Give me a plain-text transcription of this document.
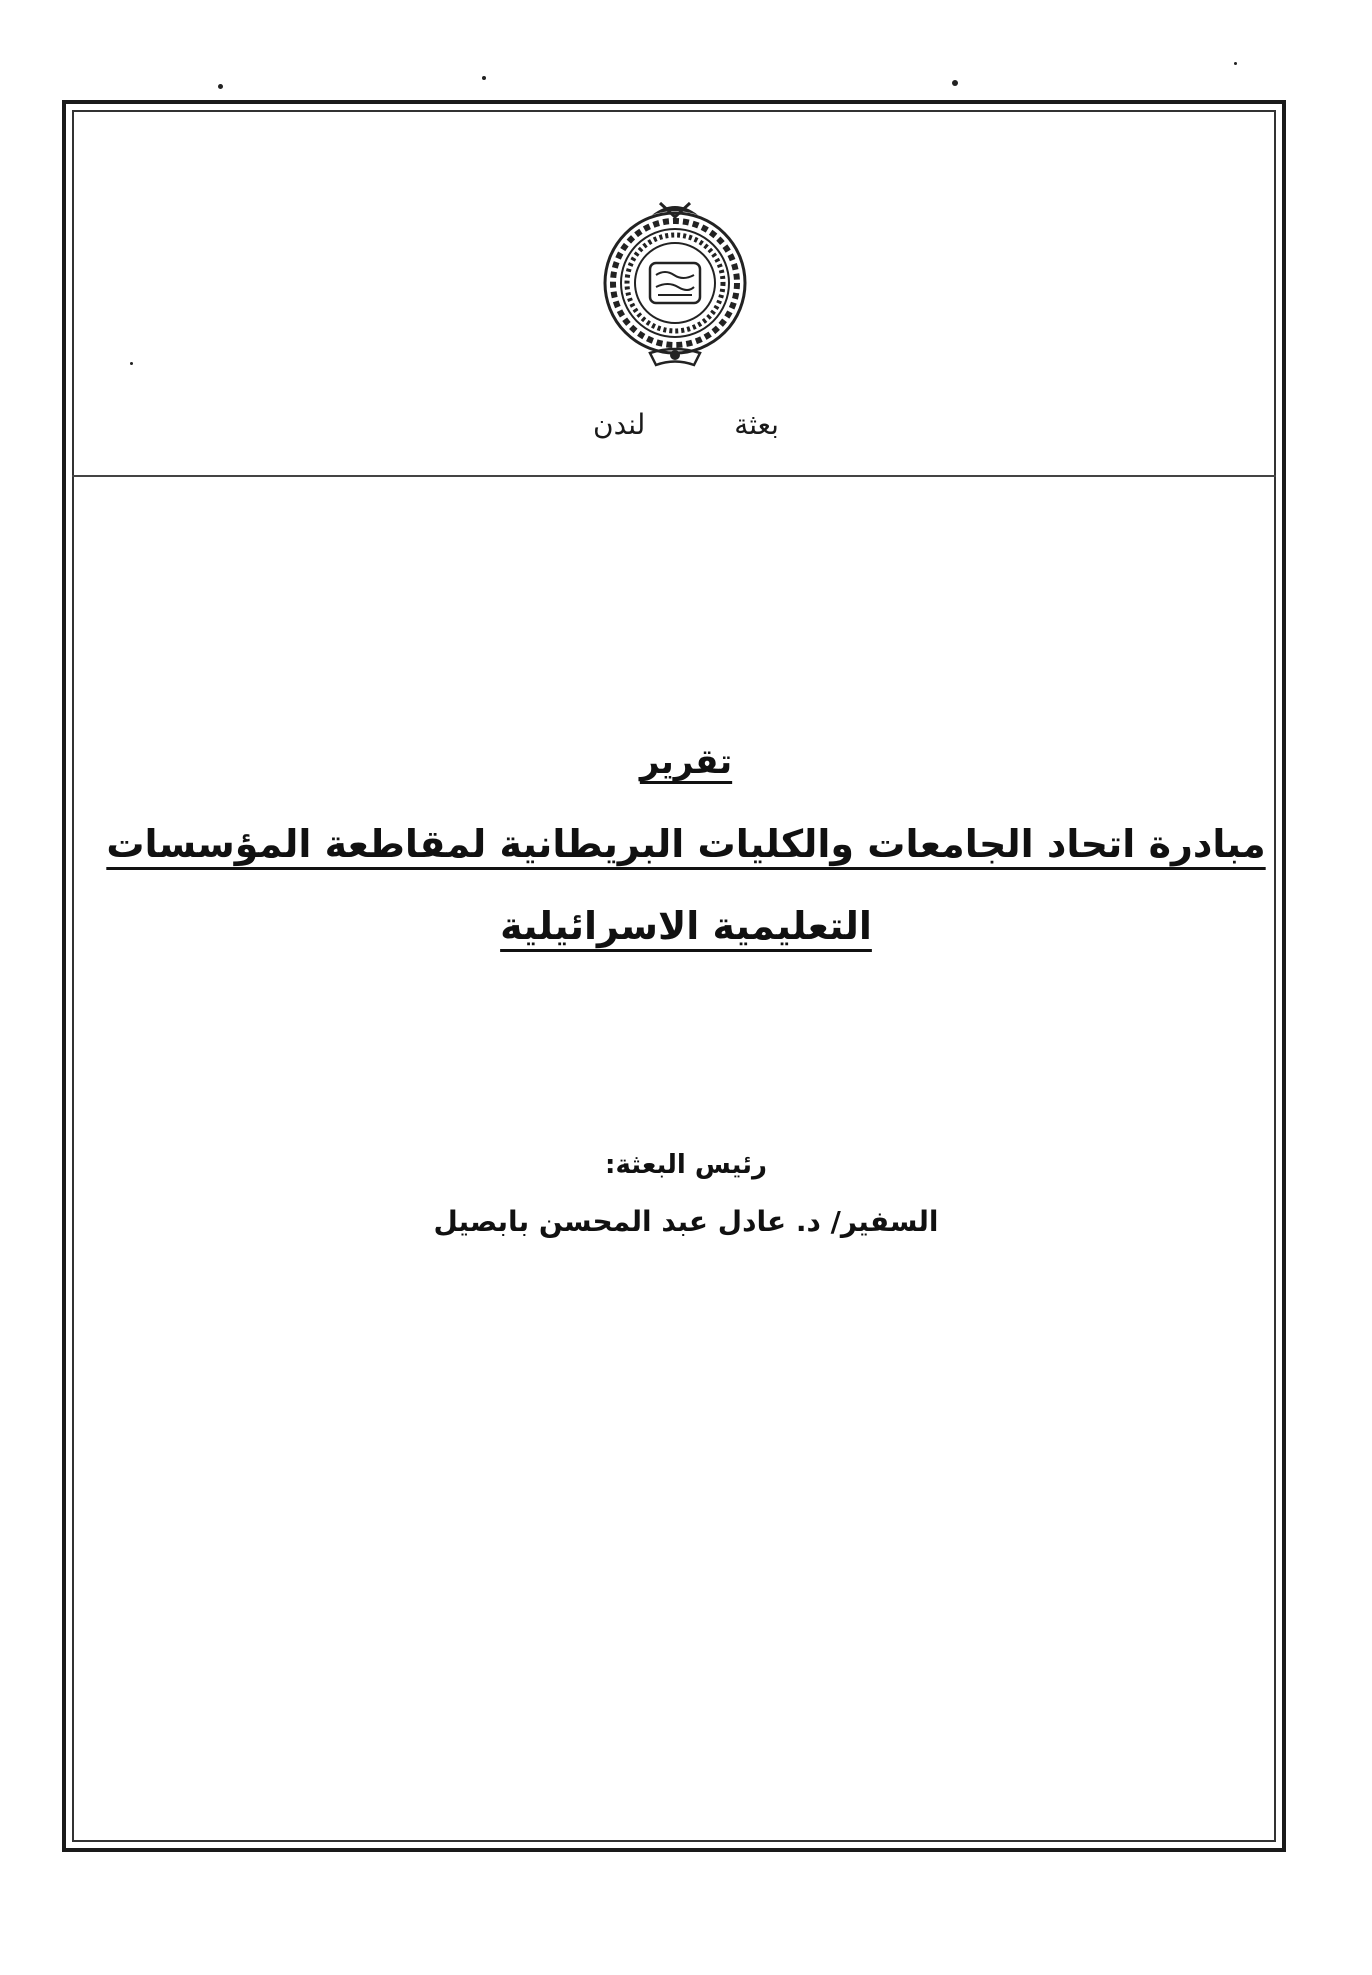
بعثة لندن
تقرير
مبادرة اتحاد الجامعات والكليات البريطانية لمقاطعة المؤسسات
التعليمية الاسرائيلية
رئيس البعثة:
السفير/ د. عادل عبد المحسن بابصيل
